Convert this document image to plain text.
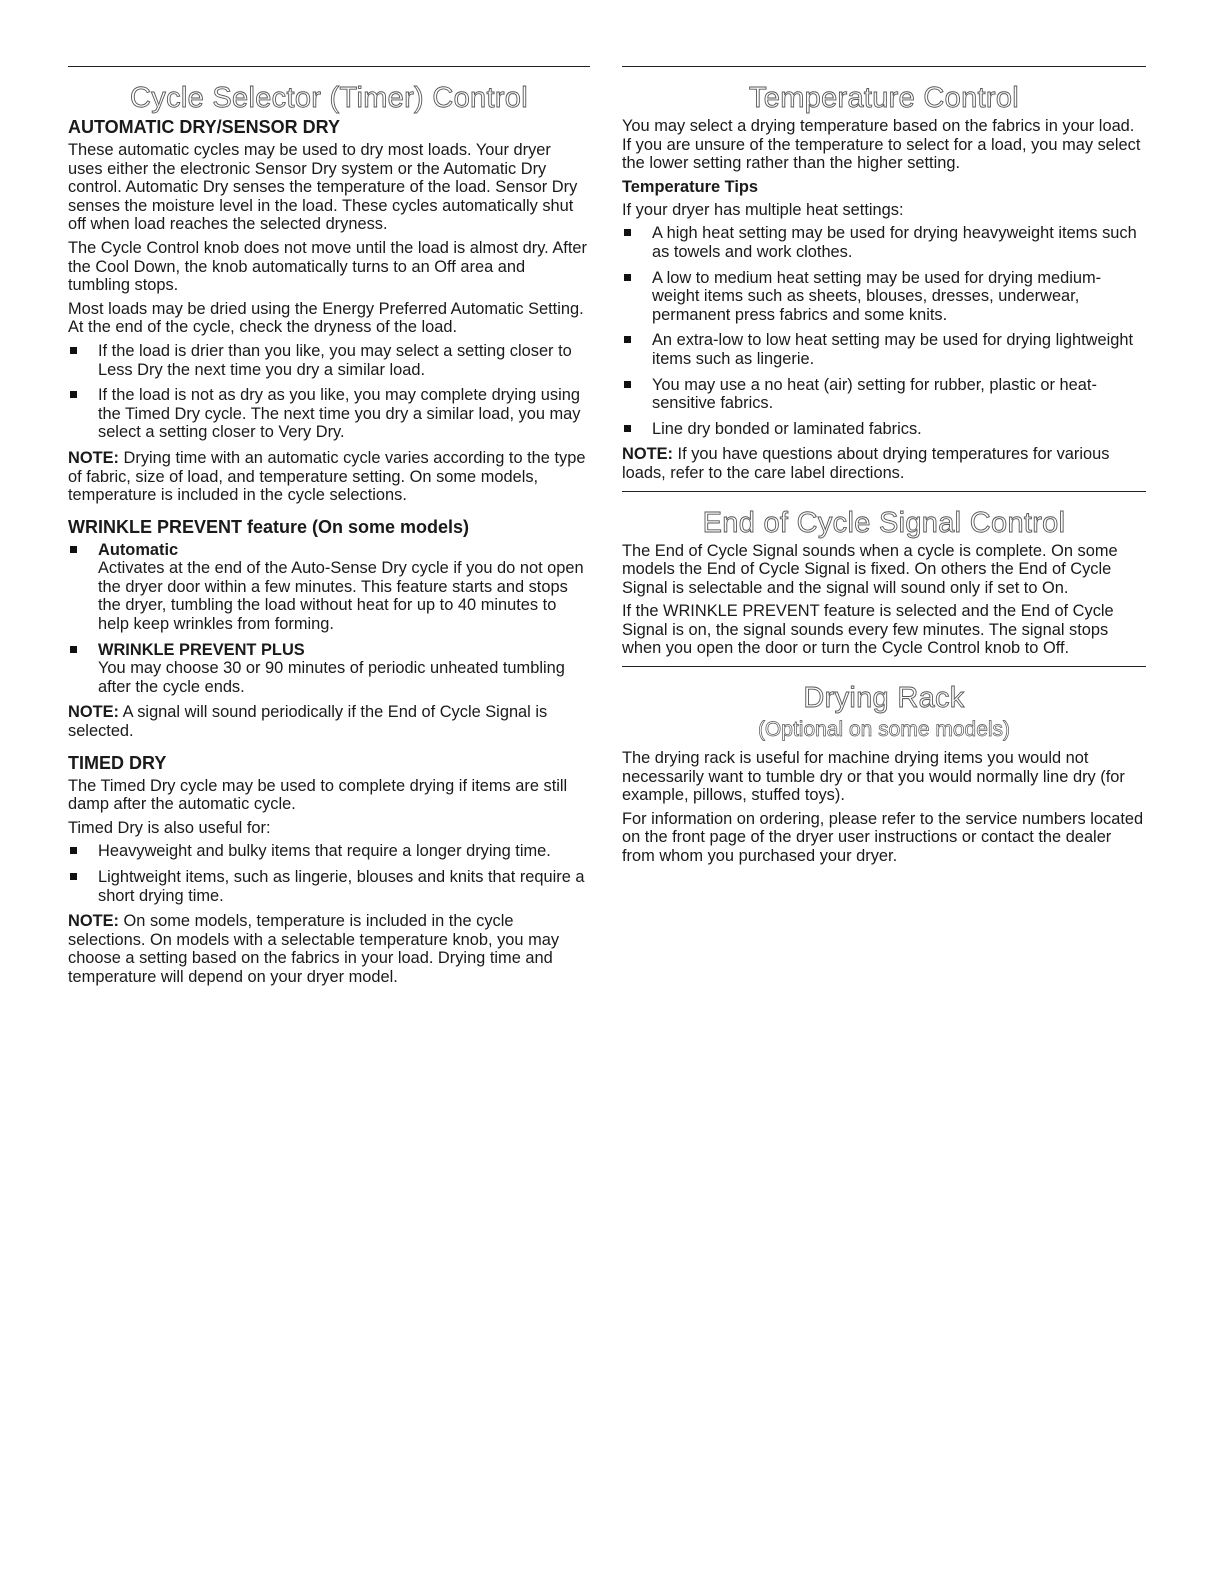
Cycle Selector (Timer) Control
AUTOMATIC DRY/SENSOR DRY

These automatic cycles may be used to dry most loads. Your dryer uses either the electronic Sensor Dry system or the Automatic Dry control. Automatic Dry senses the temperature of the load. Sensor Dry senses the moisture level in the load. These cycles automatically shut off when load reaches the selected dryness.

The Cycle Control knob does not move until the load is almost dry. After the Cool Down, the knob automatically turns to an Off area and tumbling stops.

Most loads may be dried using the Energy Preferred Automatic Setting. At the end of the cycle, check the dryness of the load.

If the load is drier than you like, you may select a setting closer to Less Dry the next time you dry a similar load.
If the load is not as dry as you like, you may complete drying using the Timed Dry cycle. The next time you dry a similar load, you may select a setting closer to Very Dry.

NOTE: Drying time with an automatic cycle varies according to the type of fabric, size of load, and temperature setting. On some models, temperature is included in the cycle selections.

WRINKLE PREVENT feature (On some models)
Automatic
Activates at the end of the Auto-Sense Dry cycle if you do not open the dryer door within a few minutes. This feature starts and stops the dryer, tumbling the load without heat for up to 40 minutes to help keep wrinkles from forming.
WRINKLE PREVENT PLUS
You may choose 30 or 90 minutes of periodic unheated tumbling after the cycle ends.

NOTE: A signal will sound periodically if the End of Cycle Signal is selected.

TIMED DRY

The Timed Dry cycle may be used to complete drying if items are still damp after the automatic cycle.

Timed Dry is also useful for:

Heavyweight and bulky items that require a longer drying time.
Lightweight items, such as lingerie, blouses and knits that require a short drying time.

NOTE: On some models, temperature is included in the cycle selections. On models with a selectable temperature knob, you may choose a setting based on the fabrics in your load. Drying time and temperature will depend on your dryer model.

Temperature Control

You may select a drying temperature based on the fabrics in your load. If you are unsure of the temperature to select for a load, you may select the lower setting rather than the higher setting.

Temperature Tips

If your dryer has multiple heat settings:

A high heat setting may be used for drying heavyweight items such as towels and work clothes.
A low to medium heat setting may be used for drying medium-weight items such as sheets, blouses, dresses, underwear, permanent press fabrics and some knits.
An extra-low to low heat setting may be used for drying lightweight items such as lingerie.
You may use a no heat (air) setting for rubber, plastic or heat-sensitive fabrics.
Line dry bonded or laminated fabrics.

NOTE: If you have questions about drying temperatures for various loads, refer to the care label directions.

End of Cycle Signal Control

The End of Cycle Signal sounds when a cycle is complete. On some models the End of Cycle Signal is fixed. On others the End of Cycle Signal is selectable and the signal will sound only if set to On.

If the WRINKLE PREVENT feature is selected and the End of Cycle Signal is on, the signal sounds every few minutes. The signal stops when you open the door or turn the Cycle Control knob to Off.

Drying Rack
(Optional on some models)

The drying rack is useful for machine drying items you would not necessarily want to tumble dry or that you would normally line dry (for example, pillows, stuffed toys).

For information on ordering, please refer to the service numbers located on the front page of the dryer user instructions or contact the dealer from whom you purchased your dryer.
